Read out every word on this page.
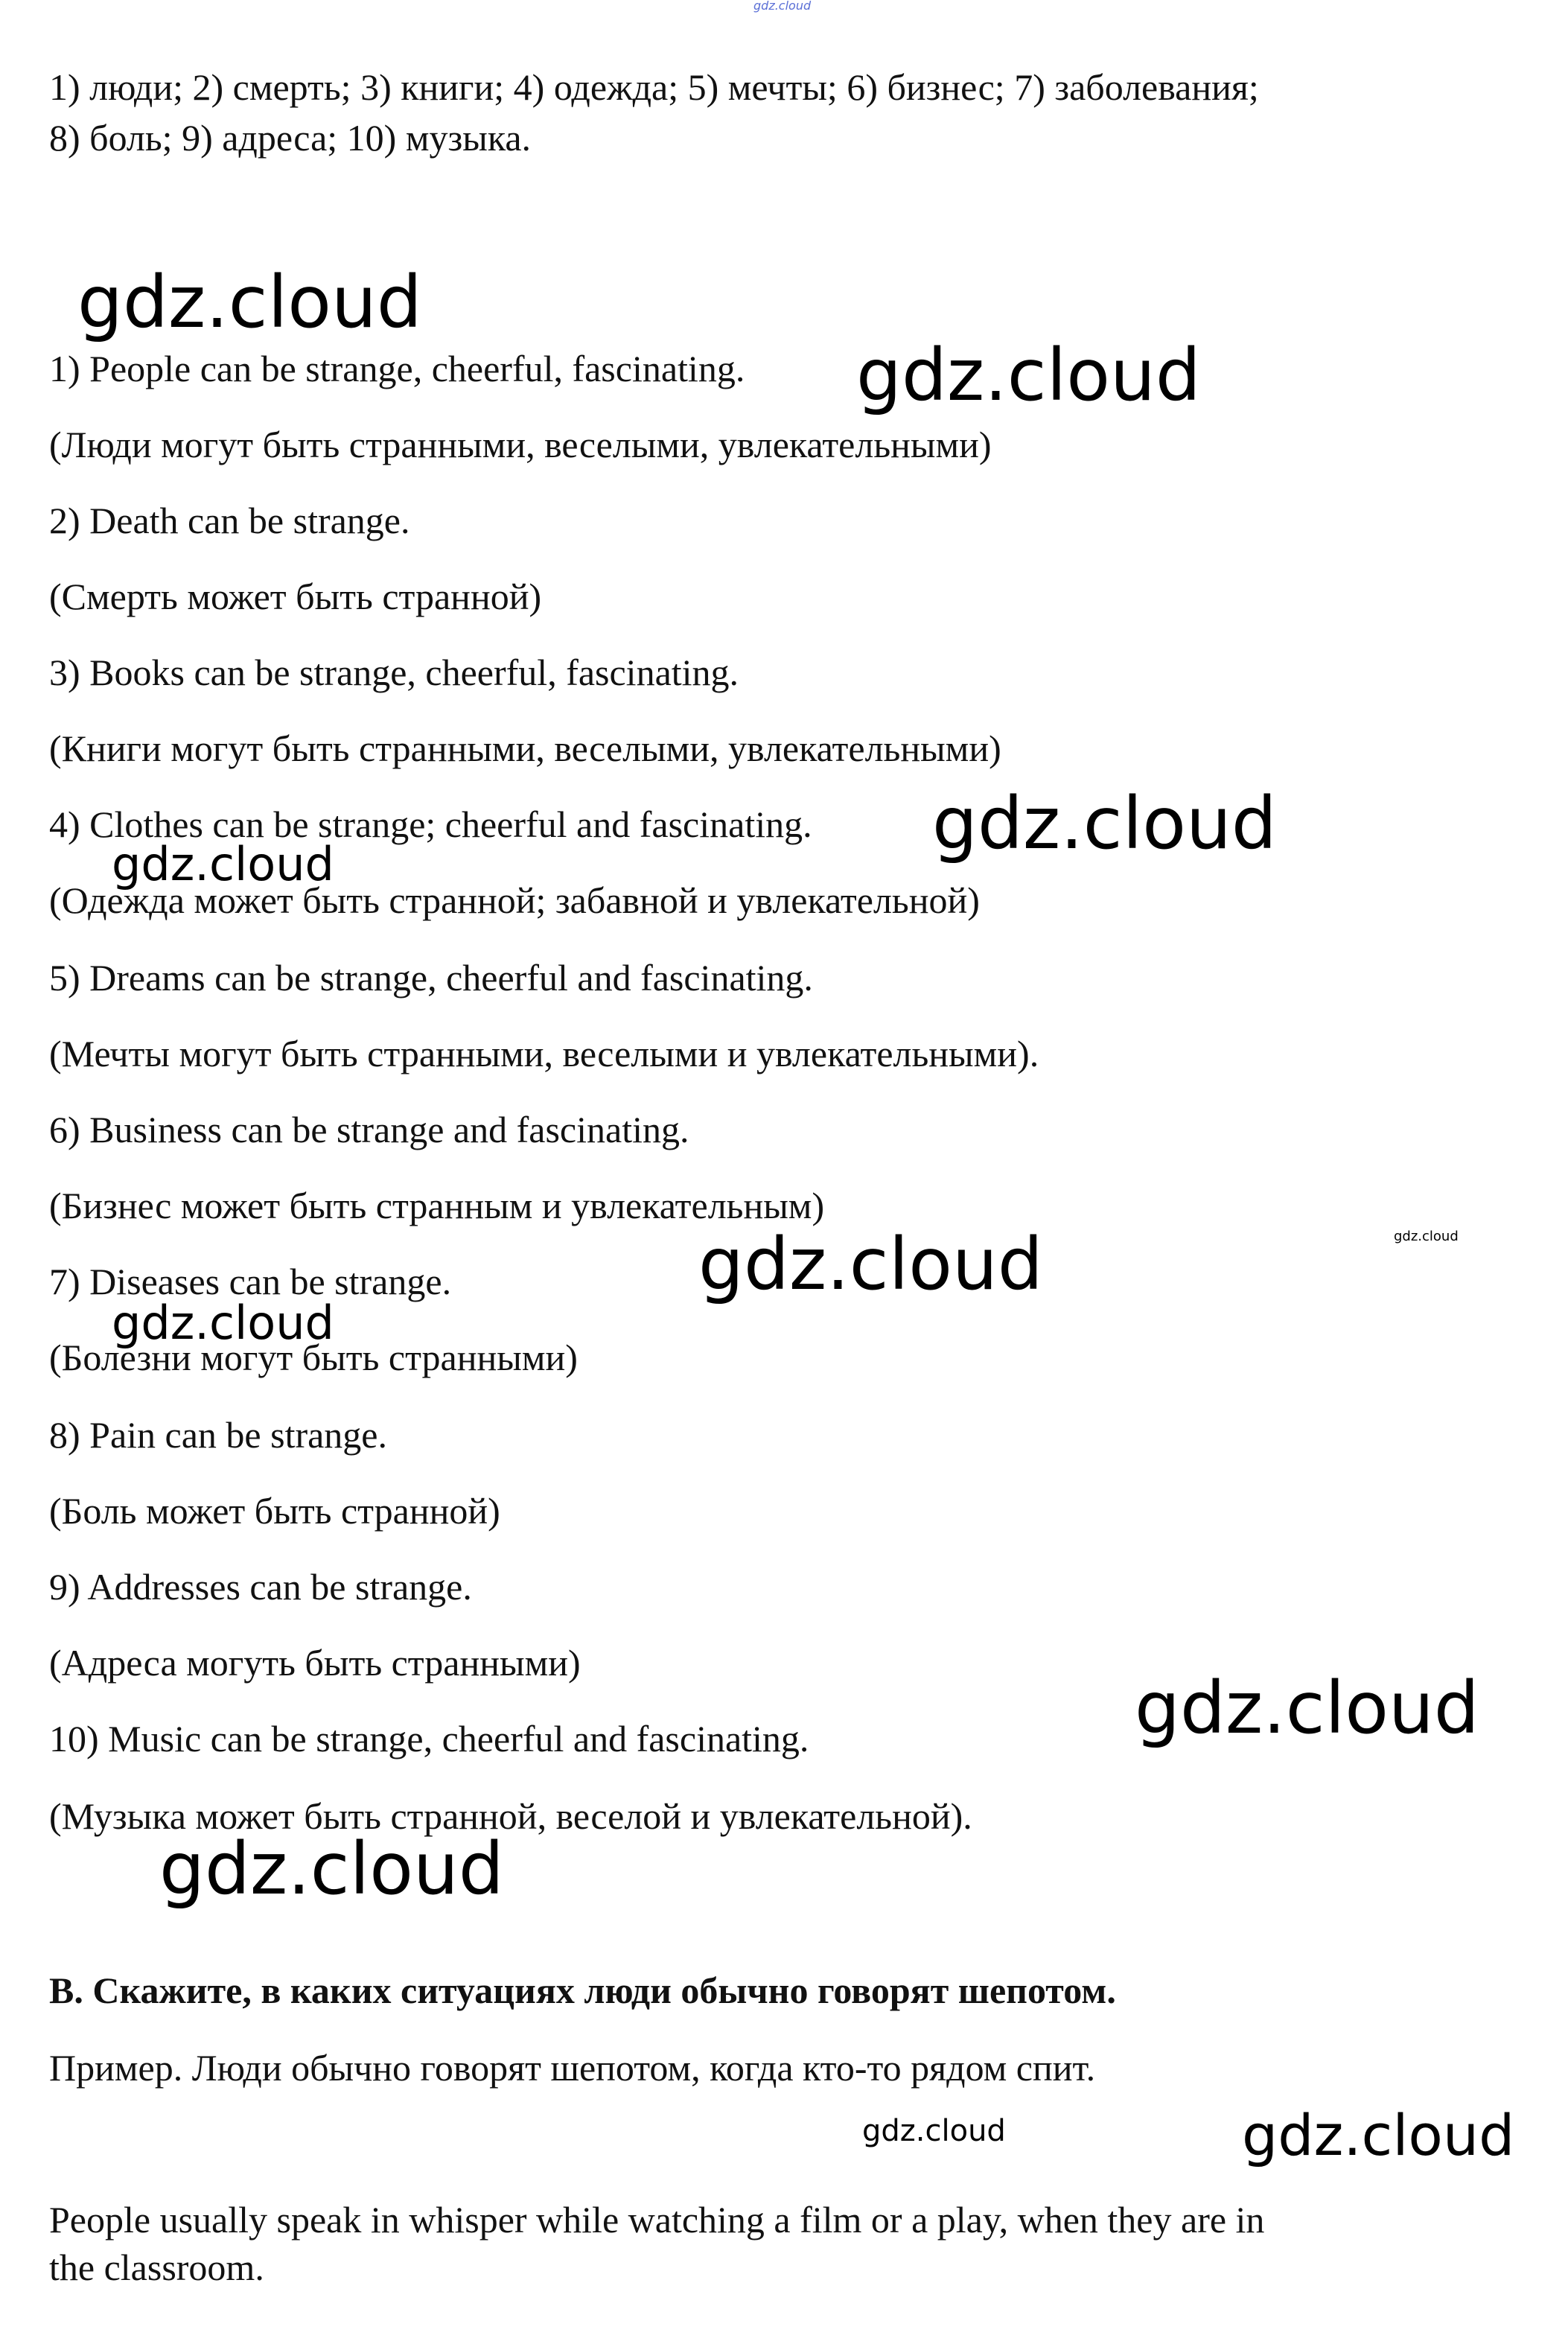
gdz.cloud

1) люди; 2) смерть; 3) книги; 4) одежда; 5) мечты; 6) бизнес; 7) заболевания;

8) боль; 9) адреса; 10) музыка.

1) People can be strange, cheerful, fascinating.

(Люди могут быть странными, веселыми, увлекательными)

2) Death can be strange.

(Смерть может быть странной)

3) Books can be strange, cheerful, fascinating.

(Книги могут быть странными, веселыми, увлекательными)

4) Clothes can be strange; cheerful and fascinating.

(Одежда может быть странной; забавной и увлекательной)

5) Dreams can be strange, cheerful and fascinating.

(Мечты могут быть странными, веселыми и увлекательными).

6) Business can be strange and fascinating.

(Бизнес может быть странным и увлекательным)

7) Diseases can be strange.

(Болезни могут быть странными)

8) Pain can be strange.

(Боль может быть странной)

9) Addresses can be strange.

(Адреса могуть быть странными)

10) Music can be strange, cheerful and fascinating.

(Музыка может быть странной, веселой и увлекательной).

B. Скажите, в каких ситуациях люди обычно говорят шепотом.

Пример. Люди обычно говорят шепотом, когда кто-то рядом спит.

People usually speak in whisper while watching a film or a play, when they are in

the classroom.

gdz.cloud

gdz.cloud

gdz.cloud

gdz.cloud

gdz.cloud

gdz.cloud

gdz.cloud

gdz.cloud

gdz.cloud

gdz.cloud	gdz.cloud
